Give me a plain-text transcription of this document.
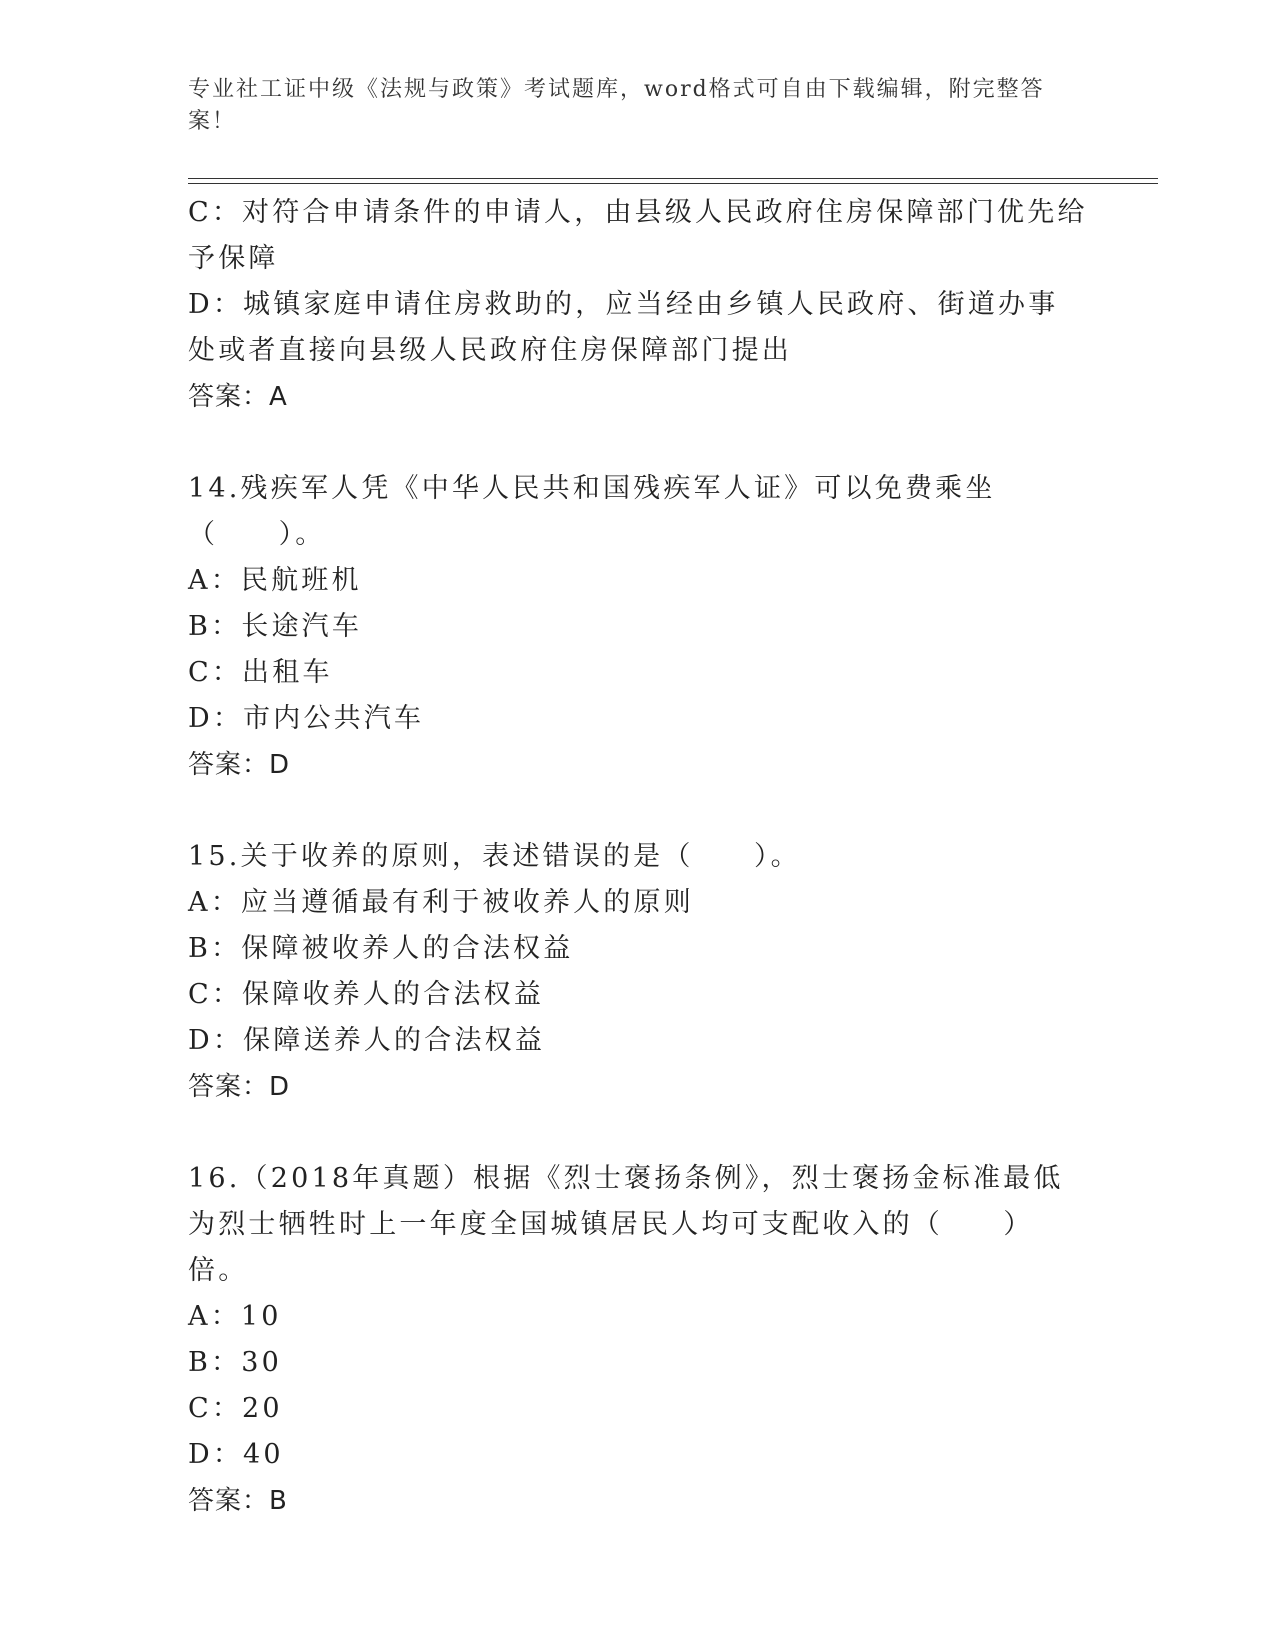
专业社工证中级《法规与政策》考试题库，word格式可自由下载编辑，附完整答案！
C：对符合申请条件的申请人，由县级人民政府住房保障部门优先给予保障
D：城镇家庭申请住房救助的，应当经由乡镇人民政府、街道办事处或者直接向县级人民政府住房保障部门提出
答案：A
14.残疾军人凭《中华人民共和国残疾军人证》可以免费乘坐（　　）。
A：民航班机
B：长途汽车
C：出租车
D：市内公共汽车
答案：D
15.关于收养的原则，表述错误的是（　　）。
A：应当遵循最有利于被收养人的原则
B：保障被收养人的合法权益
C：保障收养人的合法权益
D：保障送养人的合法权益
答案：D
16.（2018年真题）根据《烈士褒扬条例》，烈士褒扬金标准最低为烈士牺牲时上一年度全国城镇居民人均可支配收入的（　　）倍。
A：10
B：30
C：20
D：40
答案：B
